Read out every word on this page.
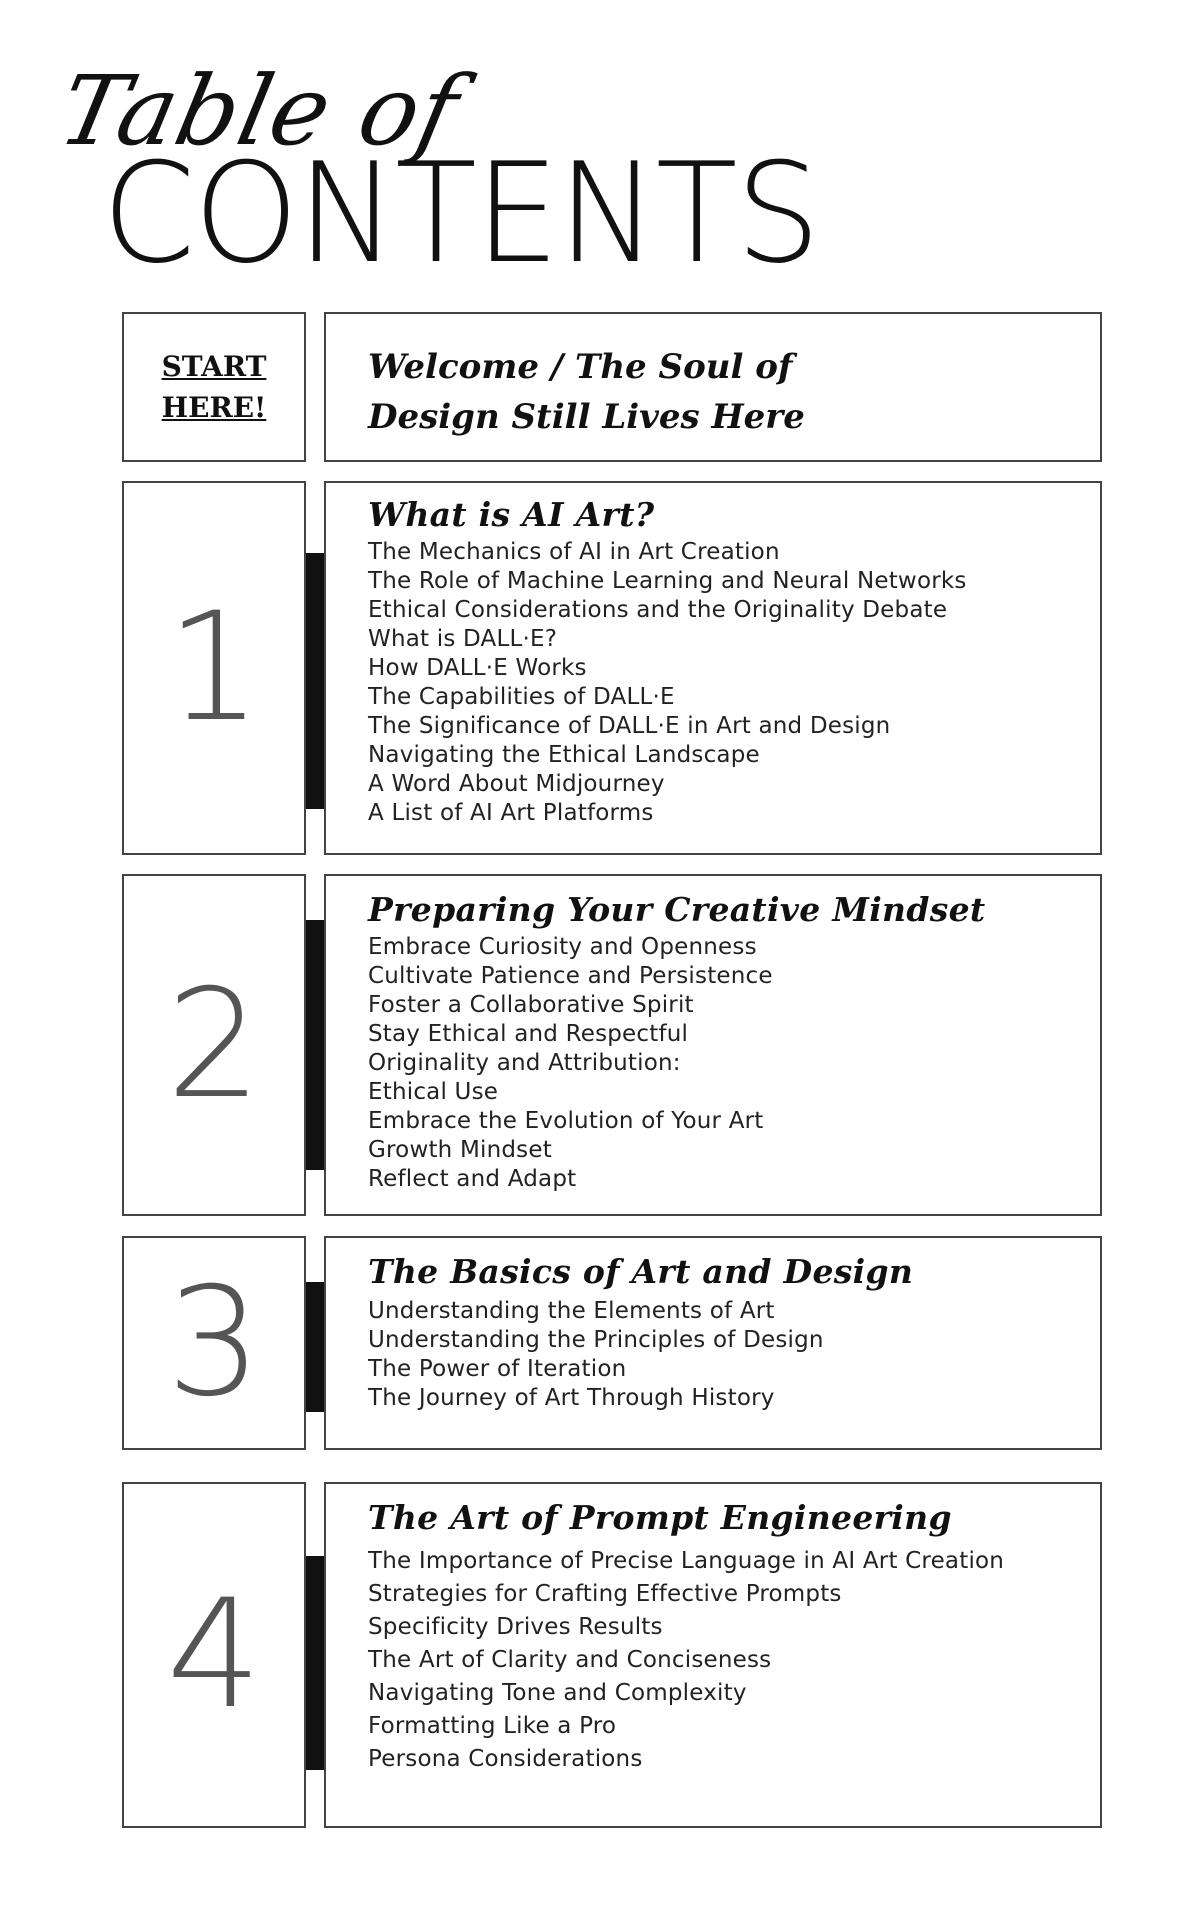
Table of
CONTENTS
START
HERE!
Welcome / The Soul of
Design Still Lives Here
1
What is AI Art?
The Mechanics of AI in Art Creation
The Role of Machine Learning and Neural Networks
Ethical Considerations and the Originality Debate
What is DALL·E?
How DALL·E Works
The Capabilities of DALL·E
The Significance of DALL·E in Art and Design
Navigating the Ethical Landscape
A Word About Midjourney
A List of AI Art Platforms
2
Preparing Your Creative Mindset
Embrace Curiosity and Openness
Cultivate Patience and Persistence
Foster a Collaborative Spirit
Stay Ethical and Respectful
Originality and Attribution:
Ethical Use
Embrace the Evolution of Your Art
Growth Mindset
Reflect and Adapt
3	The Basics of Art and Design
Understanding the Elements of Art
Understanding the Principles of Design
The Power of Iteration
The Journey of Art Through History
4
The Art of Prompt Engineering
The Importance of Precise Language in AI Art Creation
Strategies for Crafting Effective Prompts
Specificity Drives Results
The Art of Clarity and Conciseness
Navigating Tone and Complexity
Formatting Like a Pro
Persona Considerations
